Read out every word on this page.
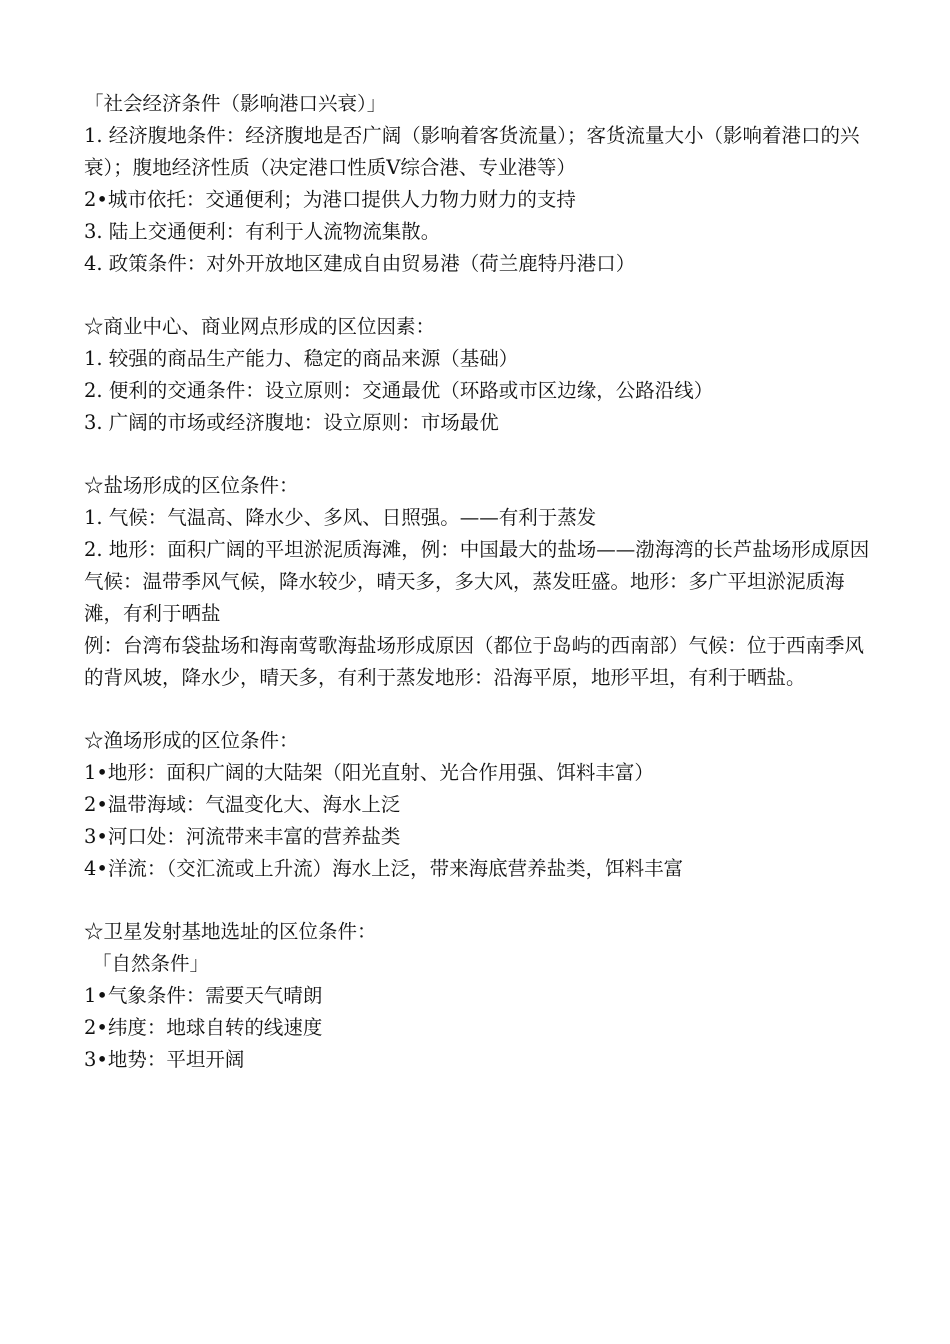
「社会经济条件（影响港口兴衰）」
1. 经济腹地条件：经济腹地是否广阔（影响着客货流量）；客货流量大小（影响着港口的兴衰）；腹地经济性质（决定港口性质V综合港、专业港等）
2•城市依托：交通便利；为港口提供人力物力财力的支持
3. 陆上交通便利：有利于人流物流集散。
4. 政策条件：对外开放地区建成自由贸易港（荷兰鹿特丹港口）
☆商业中心、商业网点形成的区位因素：
1. 较强的商品生产能力、稳定的商品来源（基础）
2. 便利的交通条件：设立原则：交通最优（环路或市区边缘，公路沿线）
3. 广阔的市场或经济腹地：设立原则：市场最优
☆盐场形成的区位条件：
1. 气候：气温高、降水少、多风、日照强。——有利于蒸发
2. 地形：面积广阔的平坦淤泥质海滩，例：中国最大的盐场——渤海湾的长芦盐场形成原因
气候：温带季风气候，降水较少，晴天多，多大风，蒸发旺盛。地形：多广平坦淤泥质海滩，有利于晒盐
例：台湾布袋盐场和海南莺歌海盐场形成原因（都位于岛屿的西南部）气候：位于西南季风的背风坡，降水少，晴天多，有利于蒸发地形：沿海平原，地形平坦，有利于晒盐。
☆渔场形成的区位条件：
1•地形：面积广阔的大陆架（阳光直射、光合作用强、饵料丰富）
2•温带海域：气温变化大、海水上泛
3•河口处：河流带来丰富的营养盐类
4•洋流：（交汇流或上升流）海水上泛，带来海底营养盐类，饵料丰富
☆卫星发射基地选址的区位条件：
「自然条件」
1•气象条件：需要天气晴朗
2•纬度：地球自转的线速度
3•地势：平坦开阔
